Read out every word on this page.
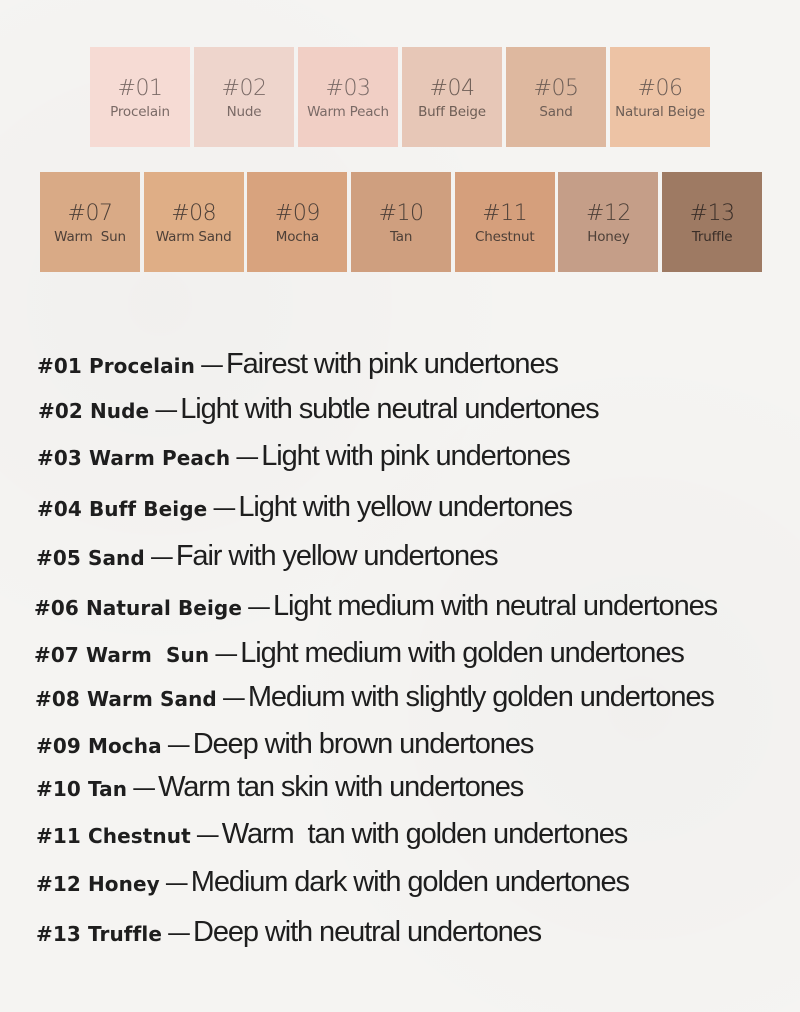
#01
Procelain
#02
Nude
#03
Warm Peach
#04
Buff Beige
#05
Sand
#06
Natural Beige
#07
Warm  Sun
#08
Warm Sand
#09
Mocha
#10
Tan
#11
Chestnut
#12
Honey
#13
Truffle
#01 Procelain — Fairest with pink undertones
#02 Nude — Light with subtle neutral undertones
#03 Warm Peach — Light with pink undertones
#04 Buff Beige — Light with yellow undertones
#05 Sand — Fair with yellow undertones
#06 Natural Beige — Light medium with neutral undertones
#07 Warm  Sun — Light medium with golden undertones
#08 Warm Sand — Medium with slightly golden undertones
#09 Mocha — Deep with brown undertones
#10 Tan — Warm tan skin with undertones
#11 Chestnut — Warm  tan with golden undertones
#12 Honey — Medium dark with golden undertones
#13 Truffle — Deep with neutral undertones
